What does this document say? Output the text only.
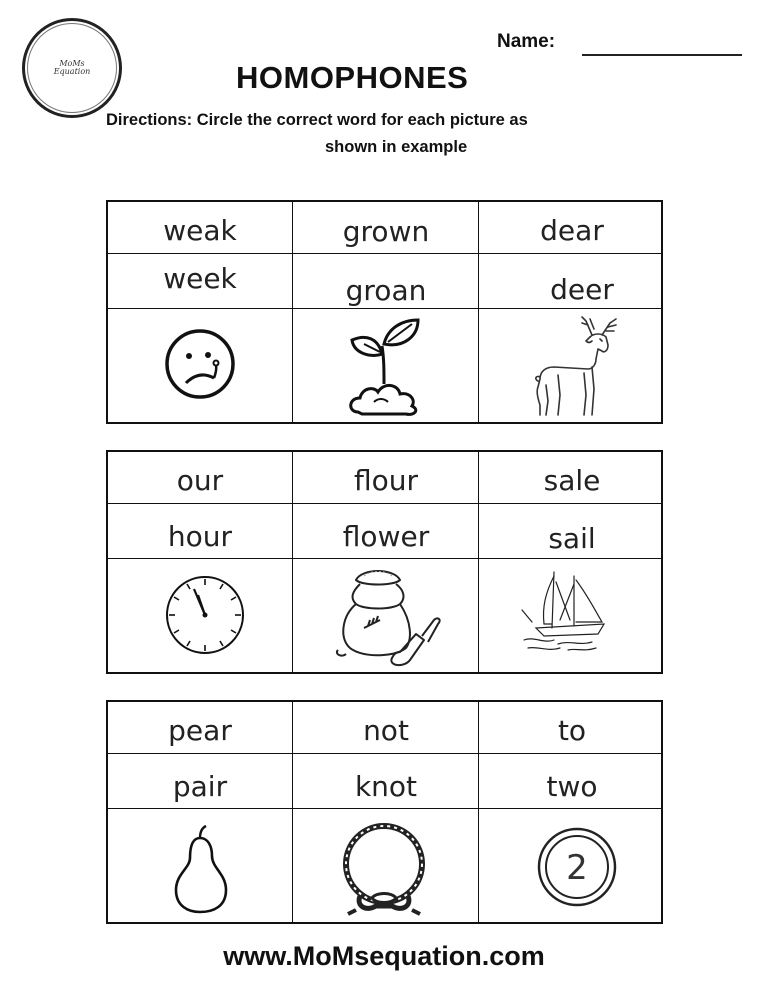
MoMs Equation
Name:
HOMOPHONES
Directions: Circle the correct word for each picture as
shown in example
weak
week
grown
groan
dear
deer
our
hour
flour
flower
sale
sail
pear
pair
not
knot
to
two
2
www.MoMsequation.com
